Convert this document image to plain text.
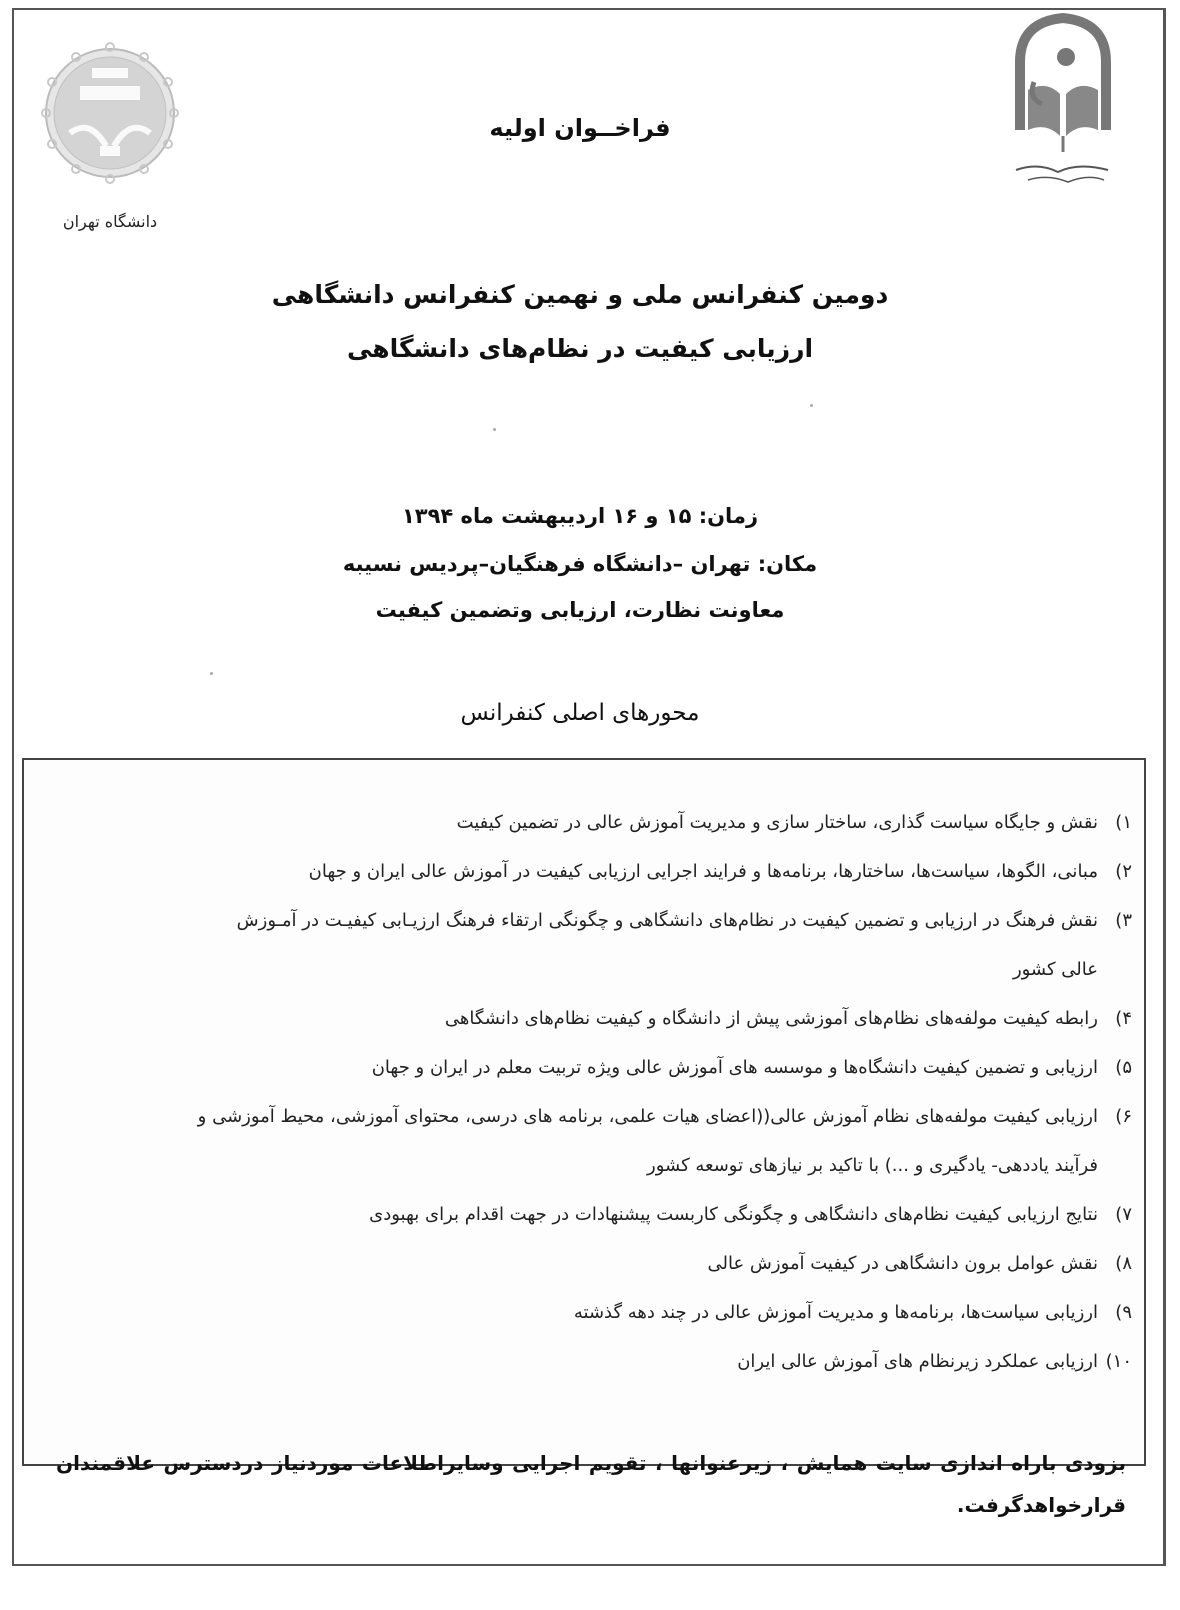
دانشگاه تهران
فراخــوان اولیه
دومین کنفرانس ملی و نهمین کنفرانس دانشگاهی
ارزیابی کیفیت در نظام‌های دانشگاهی
زمان: ۱۵ و ۱۶ اردیبهشت ماه ۱۳۹۴
مکان: تهران –دانشگاه فرهنگیان–پردیس نسیبه
معاونت نظارت، ارزیابی وتضمین کیفیت
محورهای اصلی کنفرانس
۱)
نقش و جایگاه سیاست گذاری، ساختار سازی و مدیریت آموزش عالی در تضمین کیفیت
۲)
مبانی، الگوها، سیاست‌ها، ساختارها، برنامه‌ها و فرایند اجرایی ارزیابی کیفیت در آموزش عالی ایران و جهان
۳)
نقش فرهنگ در ارزیابی و تضمین کیفیت در نظام‌های دانشگاهی و چگونگی ارتقاء فرهنگ ارزیـابی کیفیـت در آمـوزش
عالی کشور
۴)
رابطه کیفیت مولفه‌های نظام‌های آموزشی پیش از دانشگاه و کیفیت نظام‌های دانشگاهی
۵)
ارزیابی و تضمین کیفیت دانشگاه‌ها و موسسه های آموزش عالی ویژه تربیت معلم در ایران و جهان
۶)
ارزیابی کیفیت مولفه‌های نظام آموزش عالی((اعضای هیات علمی، برنامه های درسی، محتوای آموزشی، محیط آموزشی و
فرآیند یاددهی- یادگیری و ...) با تاکید بر نیازهای توسعه کشور
۷)
نتایج ارزیابی کیفیت نظام‌های دانشگاهی و چگونگی کاربست پیشنهادات در جهت اقدام برای بهبودی
۸)
نقش عوامل برون دانشگاهی در کیفیت آموزش عالی
۹)
ارزیابی سیاست‌ها، برنامه‌ها و مدیریت آموزش عالی در چند دهه گذشته
۱۰)
ارزیابی عملکرد زیرنظام های آموزش عالی ایران
بزودی باراه اندازی سایت همایش ، زیرعنوانها ، تقویم اجرایی وسایراطلاعات موردنیاز دردسترس علاقمندان قرارخواهدگرفت.
